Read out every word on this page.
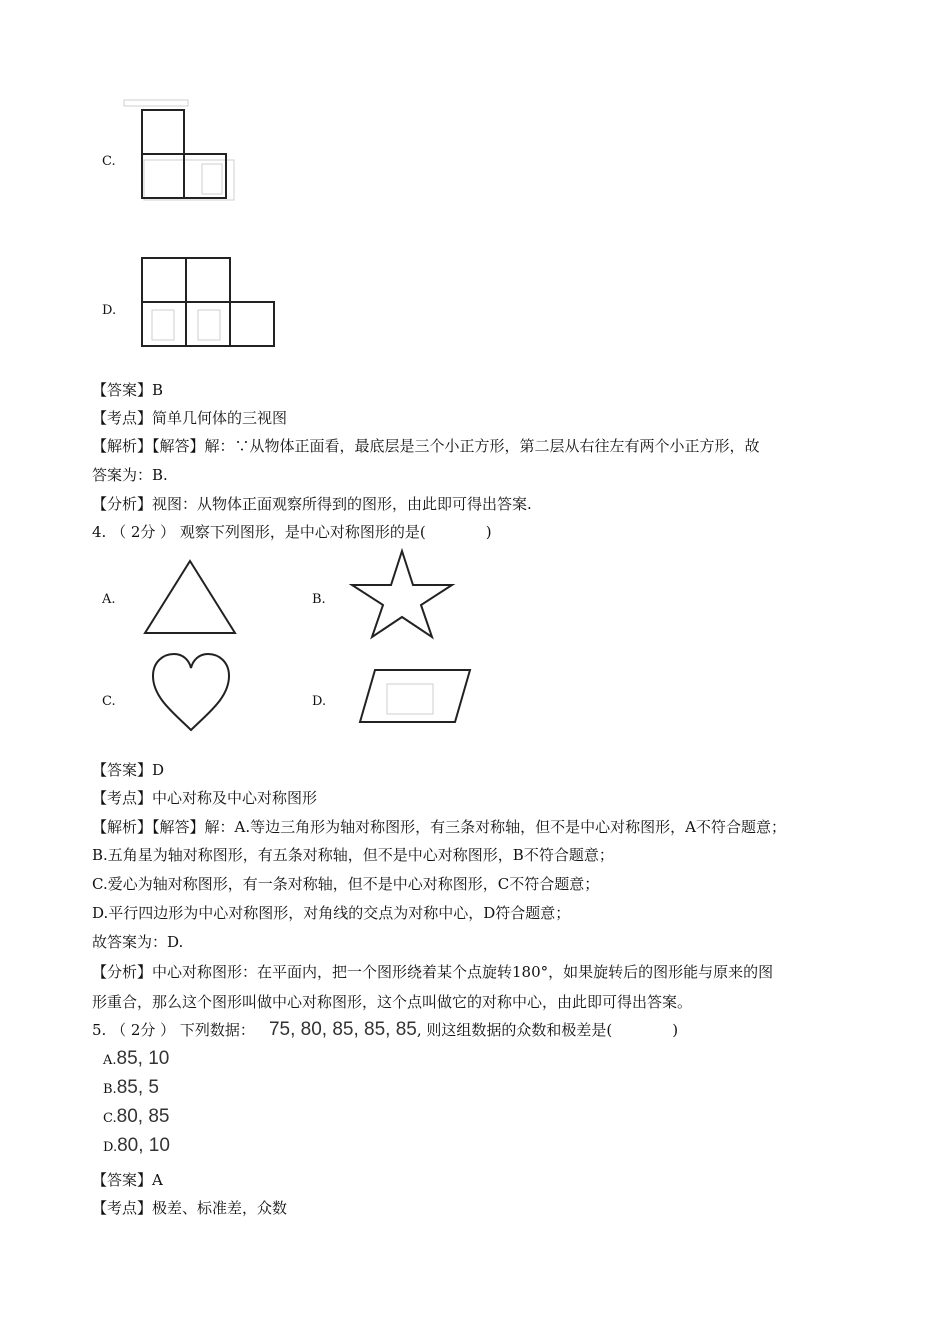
C.
D.
【答案】B
【考点】简单几何体的三视图
【解析】【解答】解：∵从物体正面看，最底层是三个小正方形，第二层从右往左有两个小正方形，故
答案为：B.
【分析】视图：从物体正面观察所得到的图形，由此即可得出答案.
4. （ 2分 ） 观察下列图形，是中心对称图形的是(　　　　)
A.	B.
C.	D.
【答案】D
【考点】中心对称及中心对称图形
【解析】【解答】解：A.等边三角形为轴对称图形，有三条对称轴，但不是中心对称图形，A不符合题意；
B.五角星为轴对称图形，有五条对称轴，但不是中心对称图形，B不符合题意；
C.爱心为轴对称图形，有一条对称轴，但不是中心对称图形，C不符合题意；
D.平行四边形为中心对称图形，对角线的交点为对称中心，D符合题意；
故答案为：D.
【分析】中心对称图形：在平面内，把一个图形绕着某个点旋转180°，如果旋转后的图形能与原来的图
形重合，那么这个图形叫做中心对称图形，这个点叫做它的对称中心，由此即可得出答案。
5. （ 2分 ） 下列数据： 75, 80, 85, 85, 85, 则这组数据的众数和极差是(　　　　)
A.85, 10
B.85, 5
C.80, 85
D.80, 10
【答案】A
【考点】极差、标准差，众数
